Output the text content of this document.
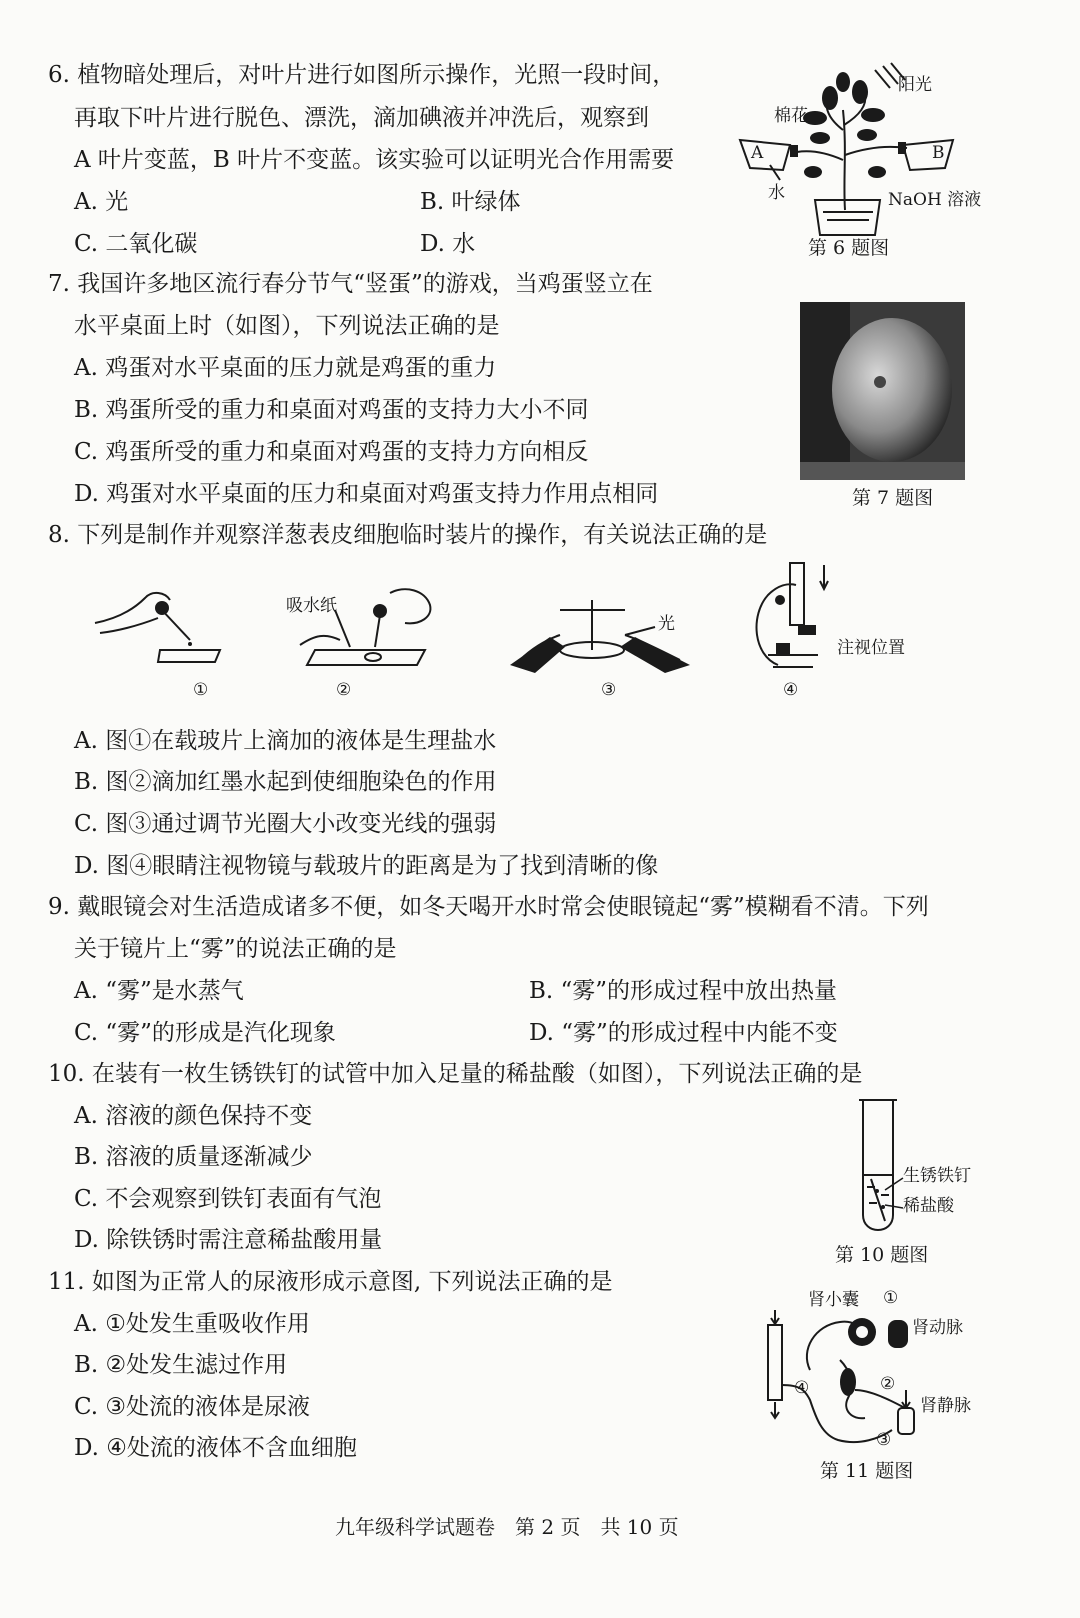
6. 植物暗处理后，对叶片进行如图所示操作，光照一段时间，
再取下叶片进行脱色、漂洗，滴加碘液并冲洗后，观察到
A 叶片变蓝，B 叶片不变蓝。该实验可以证明光合作用需要
A. 光	B. 叶绿体
C. 二氧化碳	D. 水
阳光
棉花
A	B
水	NaOH 溶液
第 6 题图
7. 我国许多地区流行春分节气“竖蛋”的游戏，当鸡蛋竖立在
水平桌面上时（如图），下列说法正确的是
A. 鸡蛋对水平桌面的压力就是鸡蛋的重力
B. 鸡蛋所受的重力和桌面对鸡蛋的支持力大小不同
C. 鸡蛋所受的重力和桌面对鸡蛋的支持力方向相反
D. 鸡蛋对水平桌面的压力和桌面对鸡蛋支持力作用点相同	第 7 题图
8. 下列是制作并观察洋葱表皮细胞临时装片的操作，有关说法正确的是
①
吸水纸
②
光
③
注视位置
④
A. 图①在载玻片上滴加的液体是生理盐水
B. 图②滴加红墨水起到使细胞染色的作用
C. 图③通过调节光圈大小改变光线的强弱
D. 图④眼睛注视物镜与载玻片的距离是为了找到清晰的像
9. 戴眼镜会对生活造成诸多不便，如冬天喝开水时常会使眼镜起“雾”模糊看不清。下列
关于镜片上“雾”的说法正确的是
A. “雾”是水蒸气	B. “雾”的形成过程中放出热量
C. “雾”的形成是汽化现象	D. “雾”的形成过程中内能不变
10. 在装有一枚生锈铁钉的试管中加入足量的稀盐酸（如图），下列说法正确的是
A. 溶液的颜色保持不变
B. 溶液的质量逐渐减少
C. 不会观察到铁钉表面有气泡
D. 除铁锈时需注意稀盐酸用量
生锈铁钉
稀盐酸
第 10 题图
11. 如图为正常人的尿液形成示意图, 下列说法正确的是
A. ①处发生重吸收作用
B. ②处发生滤过作用
C. ③处流的液体是尿液
D. ④处流的液体不含血细胞
肾小囊 ①
肾动脉
④	②
肾静脉
③
第 11 题图
九年级科学试题卷　第 2 页　共 10 页
